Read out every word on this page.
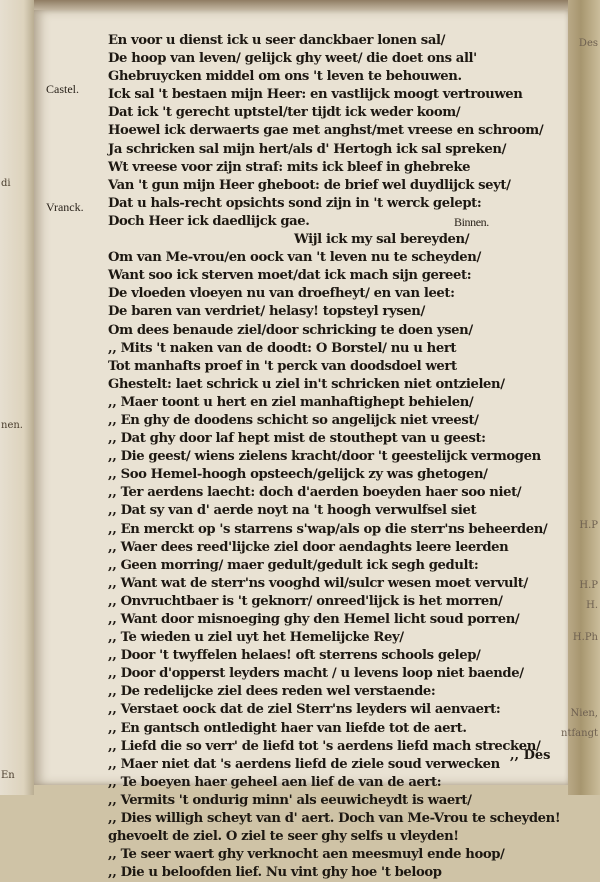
di
nen.
En
Castel.
Vranck.
En voor u dienst ick u seer danckbaer lonen sal/
De hoop van leven/ gelijck ghy weet/ die doet ons all'
Ghebruycken middel om ons 't leven te behouwen.
Ick sal 't bestaen mijn Heer: en vastlijck moogt vertrouwen
Dat ick 't gerecht uptstel/ter tijdt ick weder koom/
Hoewel ick derwaerts gae met anghst/met vreese en schroom/
Ja schricken sal mijn hert/als d' Hertogh ick sal spreken/
Wt vreese voor zijn straf: mits ick bleef in ghebreke
Van 't gun mijn Heer gheboot: de brief wel duydlijck seyt/
Dat u hals-recht opsichts sond zijn in 't werck gelept:
Doch Heer ick daedlijck gae.	Binnen.
Wijl ick my sal bereyden/
Om van Me-vrou/en oock van 't leven nu te scheyden/
Want soo ick sterven moet/dat ick mach sijn gereet:
De vloeden vloeyen nu van droefheyt/ en van leet:
De baren van verdriet/ helasy! topsteyl rysen/
Om dees benaude ziel/door schricking te doen ysen/
,, Mits 't naken van de doodt: O Borstel/ nu u hert
Tot manhafts proef in 't perck van doodsdoel wert
Ghestelt: laet schrick u ziel in't schricken niet ontzielen/
,, Maer toont u hert en ziel manhaftighept behielen/
,, En ghy de doodens schicht so angelijck niet vreest/
,, Dat ghy door laf hept mist de stouthept van u geest:
,, Die geest/ wiens zielens kracht/door 't geestelijck vermogen
,, Soo Hemel-hoogh opsteech/gelijck zy was ghetogen/
,, Ter aerdens laecht: doch d'aerden boeyden haer soo niet/
,, Dat sy van d' aerde noyt na 't hoogh verwulfsel siet
,, En merckt op 's starrens s'wap/als op die sterr'ns beheerden/
,, Waer dees reed'lijcke ziel door aendaghts leere leerden
,, Geen morring/ maer gedult/gedult ick segh gedult:
,, Want wat de sterr'ns vooghd wil/sulcr wesen moet vervult/
,, Onvruchtbaer is 't geknorr/ onreed'lijck is het morren/
,, Want door misnoeging ghy den Hemel licht soud porren/
,, Te wieden u ziel uyt het Hemelijcke Rey/
,, Door 't twyffelen helaes! oft sterrens schools gelep/
,, Door d'opperst leyders macht / u levens loop niet baende/
,, De redelijcke ziel dees reden wel verstaende:
,, Verstaet oock dat de ziel Sterr'ns leyders wil aenvaert:
,, En gantsch ontledight haer van liefde tot de aert.
,, Liefd die so verr' de liefd tot 's aerdens liefd mach strecken/
,, Maer niet dat 's aerdens liefd de ziele soud verwecken
,, Te boeyen haer geheel aen lief de van de aert:
,, Vermits 't ondurig minn' als eeuwicheydt is waert/
,, Dies willigh scheyt van d' aert. Doch van Me-Vrou te scheyden!
ghevoelt de ziel. O ziel te seer ghy selfs u vleyden!
,, Te seer waert ghy verknocht aen meesmuyl ende hoop/
,, Die u beloofden lief. Nu vint ghy hoe 't beloop
,, Des
Des
H.P
H.P
H.
H.Ph
Nien,
ntfangt
